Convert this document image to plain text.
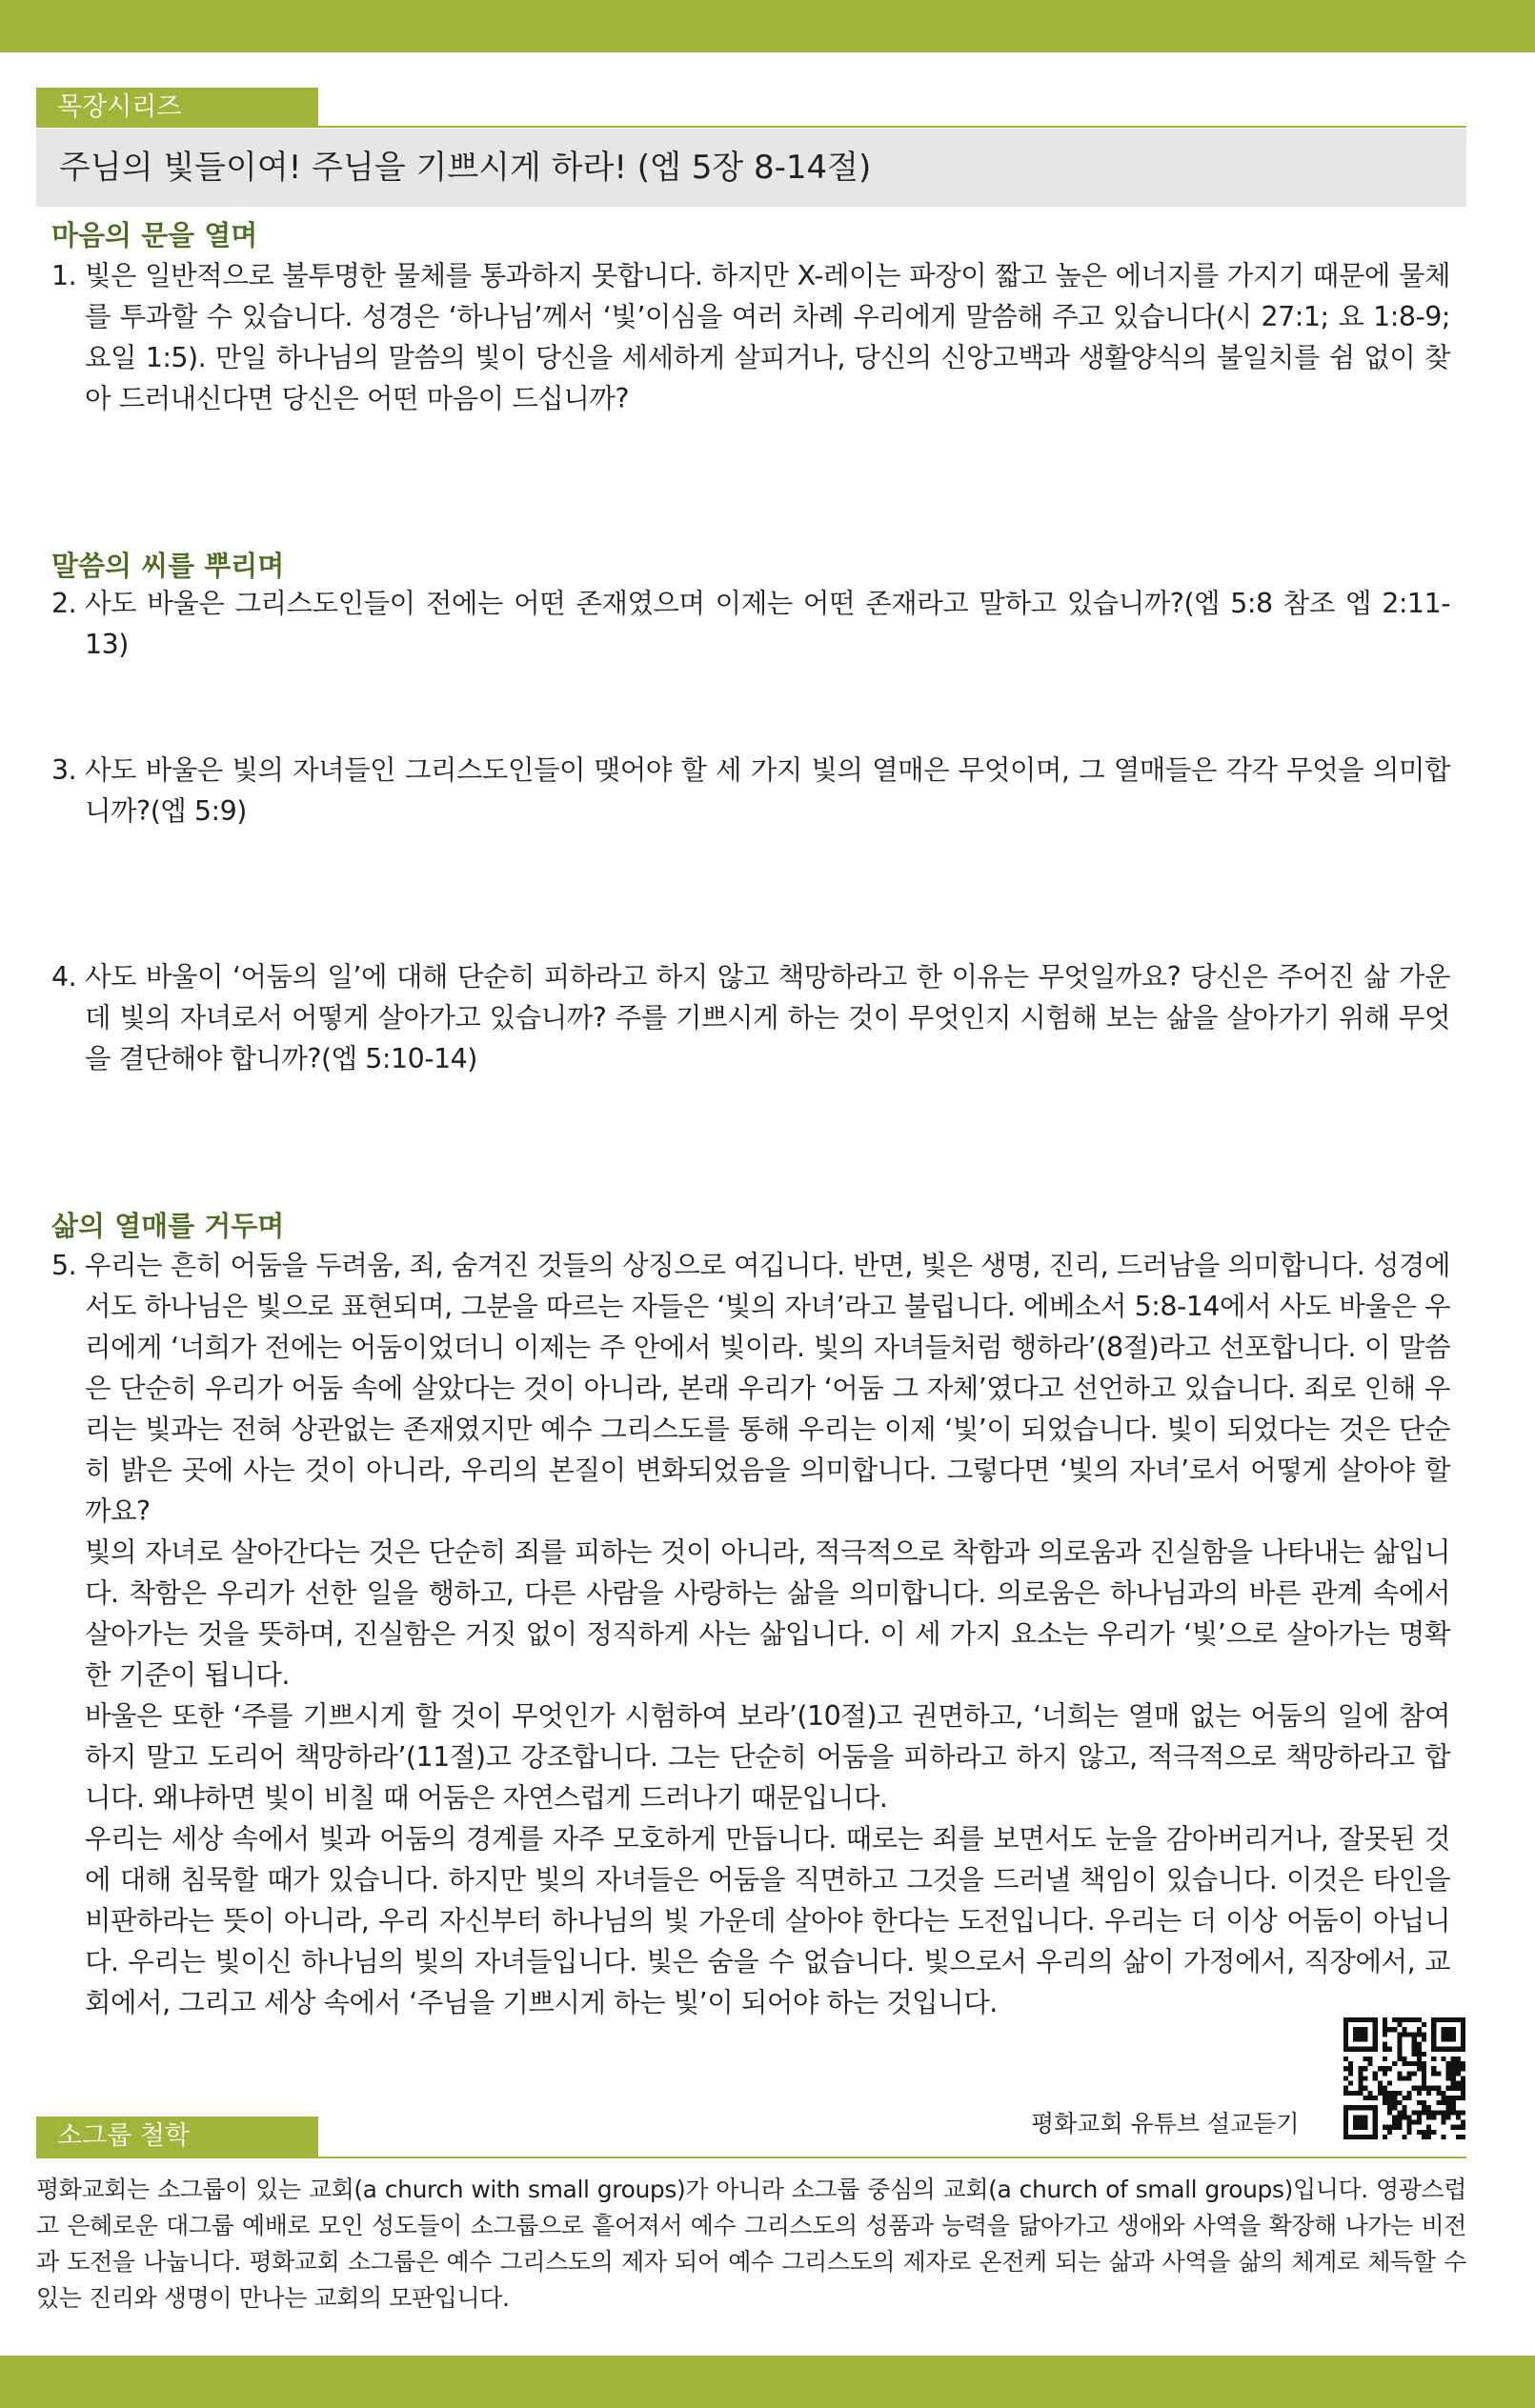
목장시리즈
주님의 빛들이여! 주님을 기쁘시게 하라! (엡 5장 8-14절)
마음의 문을 열며
1. 빛은 일반적으로 불투명한 물체를 통과하지 못합니다. 하지만 X-레이는 파장이 짧고 높은 에너지를 가지기 때문에 물체를 투과할 수 있습니다. 성경은 ‘하나님’께서 ‘빛’이심을 여러 차례 우리에게 말씀해 주고 있습니다(시 27:1; 요 1:8-9; 요일 1:5). 만일 하나님의 말씀의 빛이 당신을 세세하게 살피거나, 당신의 신앙고백과 생활양식의 불일치를 쉼 없이 찾아 드러내신다면 당신은 어떤 마음이 드십니까?
말씀의 씨를 뿌리며
2. 사도 바울은 그리스도인들이 전에는 어떤 존재였으며 이제는 어떤 존재라고 말하고 있습니까?(엡 5:8 참조 엡 2:11-13)
3. 사도 바울은 빛의 자녀들인 그리스도인들이 맺어야 할 세 가지 빛의 열매은 무엇이며, 그 열매들은 각각 무엇을 의미합니까?(엡 5:9)
4. 사도 바울이 ‘어둠의 일’에 대해 단순히 피하라고 하지 않고 책망하라고 한 이유는 무엇일까요? 당신은 주어진 삶 가운데 빛의 자녀로서 어떻게 살아가고 있습니까? 주를 기쁘시게 하는 것이 무엇인지 시험해 보는 삶을 살아가기 위해 무엇을 결단해야 합니까?(엡 5:10-14)
삶의 열매를 거두며
5. 우리는 흔히 어둠을 두려움, 죄, 숨겨진 것들의 상징으로 여깁니다. 반면, 빛은 생명, 진리, 드러남을 의미합니다. 성경에서도 하나님은 빛으로 표현되며, 그분을 따르는 자들은 ‘빛의 자녀’라고 불립니다. 에베소서 5:8-14에서 사도 바울은 우리에게 ‘너희가 전에는 어둠이었더니 이제는 주 안에서 빛이라. 빛의 자녀들처럼 행하라’(8절)라고 선포합니다. 이 말씀은 단순히 우리가 어둠 속에 살았다는 것이 아니라, 본래 우리가 ‘어둠 그 자체’였다고 선언하고 있습니다. 죄로 인해 우리는 빛과는 전혀 상관없는 존재였지만 예수 그리스도를 통해 우리는 이제 ‘빛’이 되었습니다. 빛이 되었다는 것은 단순히 밝은 곳에 사는 것이 아니라, 우리의 본질이 변화되었음을 의미합니다. 그렇다면 ‘빛의 자녀’로서 어떻게 살아야 할까요?
빛의 자녀로 살아간다는 것은 단순히 죄를 피하는 것이 아니라, 적극적으로 착함과 의로움과 진실함을 나타내는 삶입니다. 착함은 우리가 선한 일을 행하고, 다른 사람을 사랑하는 삶을 의미합니다. 의로움은 하나님과의 바른 관계 속에서 살아가는 것을 뜻하며, 진실함은 거짓 없이 정직하게 사는 삶입니다. 이 세 가지 요소는 우리가 ‘빛’으로 살아가는 명확한 기준이 됩니다.
바울은 또한 ‘주를 기쁘시게 할 것이 무엇인가 시험하여 보라’(10절)고 권면하고, ‘너희는 열매 없는 어둠의 일에 참여하지 말고 도리어 책망하라’(11절)고 강조합니다. 그는 단순히 어둠을 피하라고 하지 않고, 적극적으로 책망하라고 합니다. 왜냐하면 빛이 비칠 때 어둠은 자연스럽게 드러나기 때문입니다.
우리는 세상 속에서 빛과 어둠의 경계를 자주 모호하게 만듭니다. 때로는 죄를 보면서도 눈을 감아버리거나, 잘못된 것에 대해 침묵할 때가 있습니다. 하지만 빛의 자녀들은 어둠을 직면하고 그것을 드러낼 책임이 있습니다. 이것은 타인을 비판하라는 뜻이 아니라, 우리 자신부터 하나님의 빛 가운데 살아야 한다는 도전입니다. 우리는 더 이상 어둠이 아닙니다. 우리는 빛이신 하나님의 빛의 자녀들입니다. 빛은 숨을 수 없습니다. 빛으로서 우리의 삶이 가정에서, 직장에서, 교회에서, 그리고 세상 속에서 ‘주님을 기쁘시게 하는 빛’이 되어야 하는 것입니다.
평화교회 유튜브 설교듣기
소그룹 철학
평화교회는 소그룹이 있는 교회(a church with small groups)가 아니라 소그룹 중심의 교회(a church of small groups)입니다. 영광스럽고 은혜로운 대그룹 예배로 모인 성도들이 소그룹으로 흩어져서 예수 그리스도의 성품과 능력을 닮아가고 생애와 사역을 확장해 나가는 비전과 도전을 나눕니다. 평화교회 소그룹은 예수 그리스도의 제자 되어 예수 그리스도의 제자로 온전케 되는 삶과 사역을 삶의 체계로 체득할 수 있는 진리와 생명이 만나는 교회의 모판입니다.
